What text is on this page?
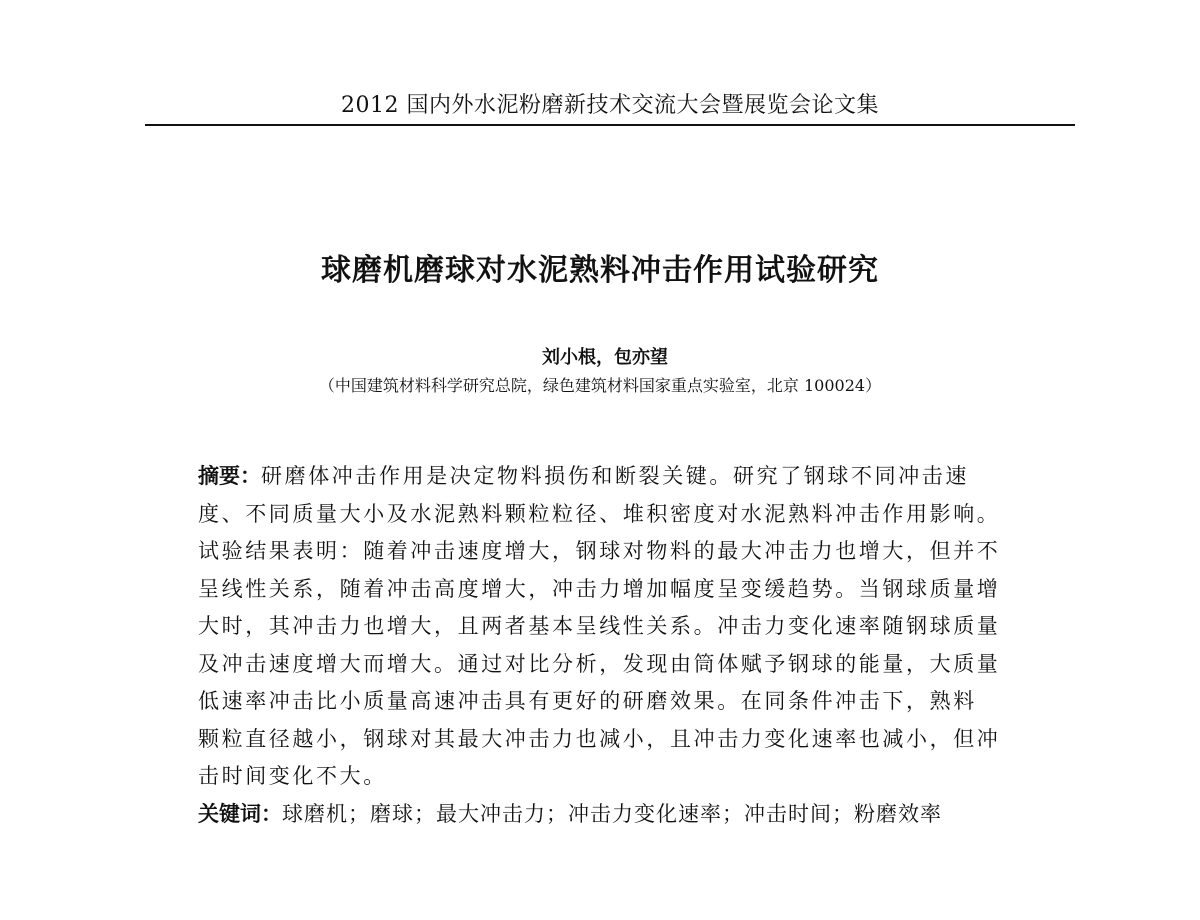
2012 国内外水泥粉磨新技术交流大会暨展览会论文集
球磨机磨球对水泥熟料冲击作用试验研究
刘小根，包亦望
（中国建筑材料科学研究总院，绿色建筑材料国家重点实验室，北京 100024）
摘要：研磨体冲击作用是决定物料损伤和断裂关键。研究了钢球不同冲击速
度、不同质量大小及水泥熟料颗粒粒径、堆积密度对水泥熟料冲击作用影响。
试验结果表明：随着冲击速度增大，钢球对物料的最大冲击力也增大，但并不
呈线性关系，随着冲击高度增大，冲击力增加幅度呈变缓趋势。当钢球质量增
大时，其冲击力也增大，且两者基本呈线性关系。冲击力变化速率随钢球质量
及冲击速度增大而增大。通过对比分析，发现由筒体赋予钢球的能量，大质量
低速率冲击比小质量高速冲击具有更好的研磨效果。在同条件冲击下，熟料
颗粒直径越小，钢球对其最大冲击力也减小，且冲击力变化速率也减小，但冲
击时间变化不大。
关键词：球磨机；磨球；最大冲击力；冲击力变化速率；冲击时间；粉磨效率
